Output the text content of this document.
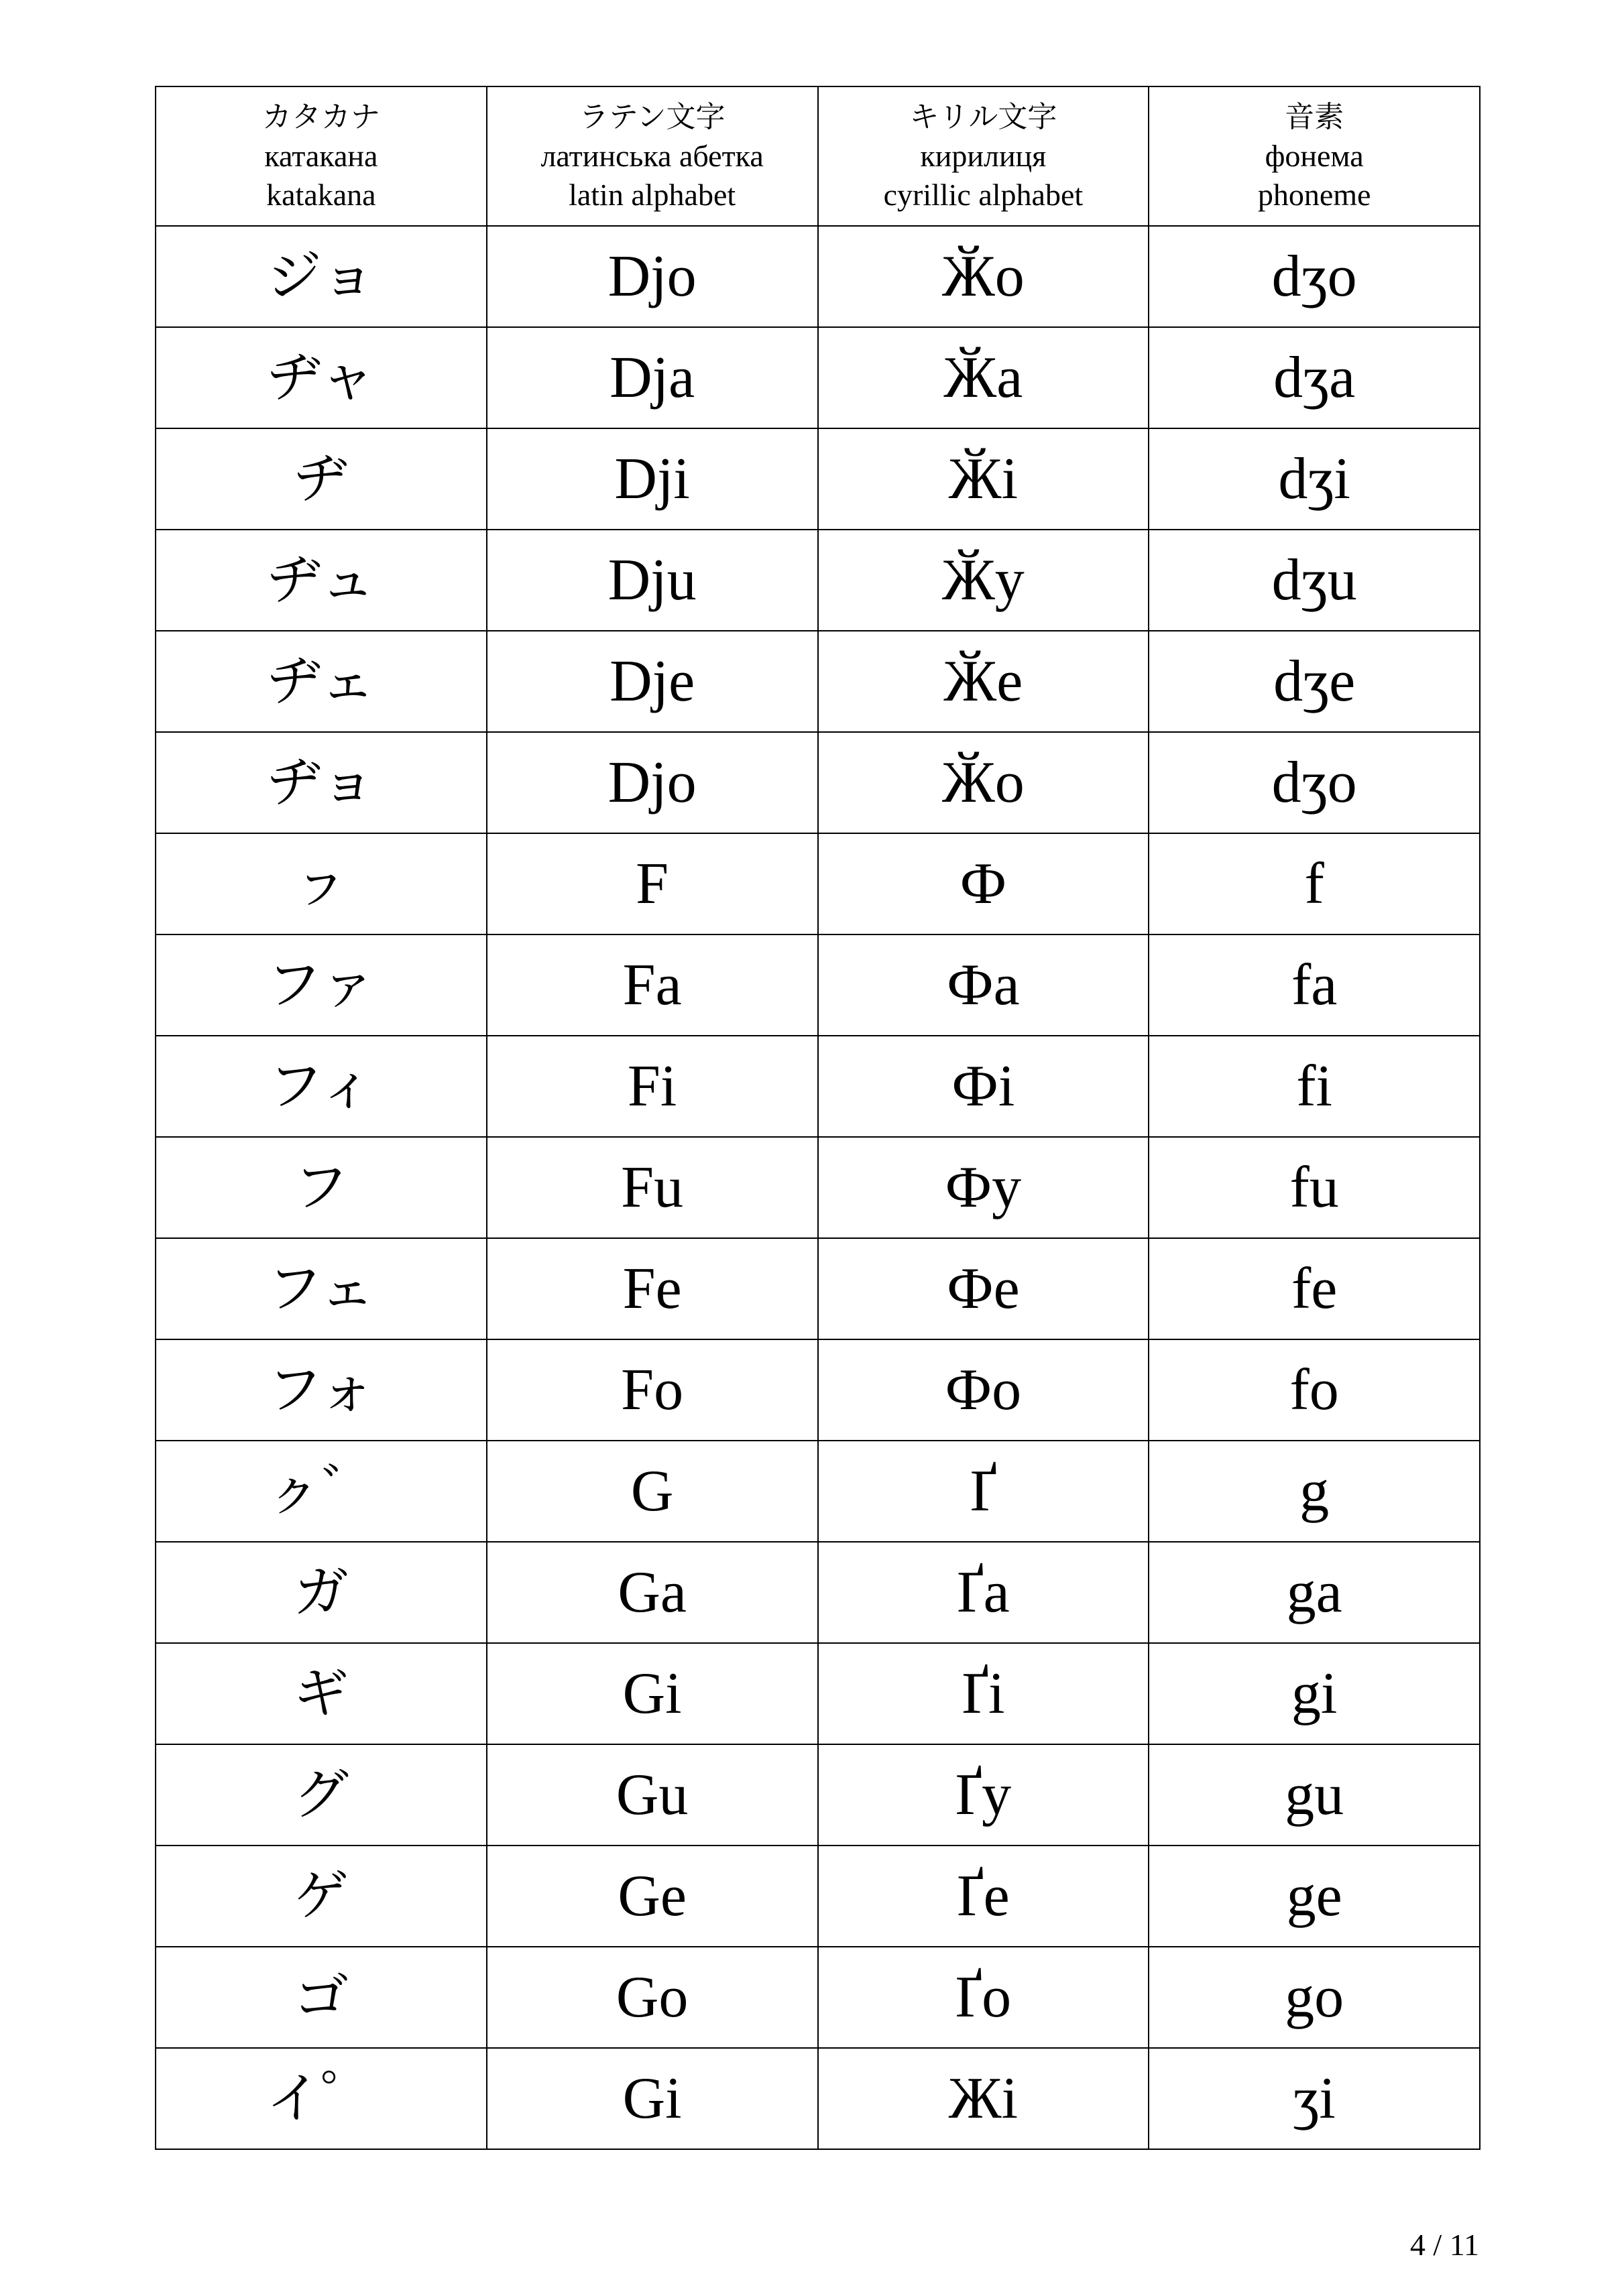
カタカナ
катакана
katakana	ラテン文字
латинська абетка
latin alphabet	キリル文字
кирилиця
cyrillic alphabet	音素
фонема
phoneme

ジョ	Djo	Ӂо	dʒo
ヂャ	Dja	Ӂа	dʒa
ヂ	Dji	Ӂі	dʒi
ヂュ	Dju	Ӂу	dʒu
ヂェ	Dje	Ӂе	dʒe
ヂョ	Djo	Ӂо	dʒo
ㇷ	F	Ф	f
ファ	Fa	Фа	fa
フィ	Fi	Фі	fi
フ	Fu	Фу	fu
フェ	Fe	Фе	fe
フォ	Fo	Фо	fo
ㇰ゛	G	Ґ	g
ガ	Ga	Ґа	ga
ギ	Gi	Ґі	gi
グ	Gu	Ґу	gu
ゲ	Ge	Ґе	ge
ゴ	Go	Ґо	go
イ゜	Gi	Жі	ʒi
4 / 11
